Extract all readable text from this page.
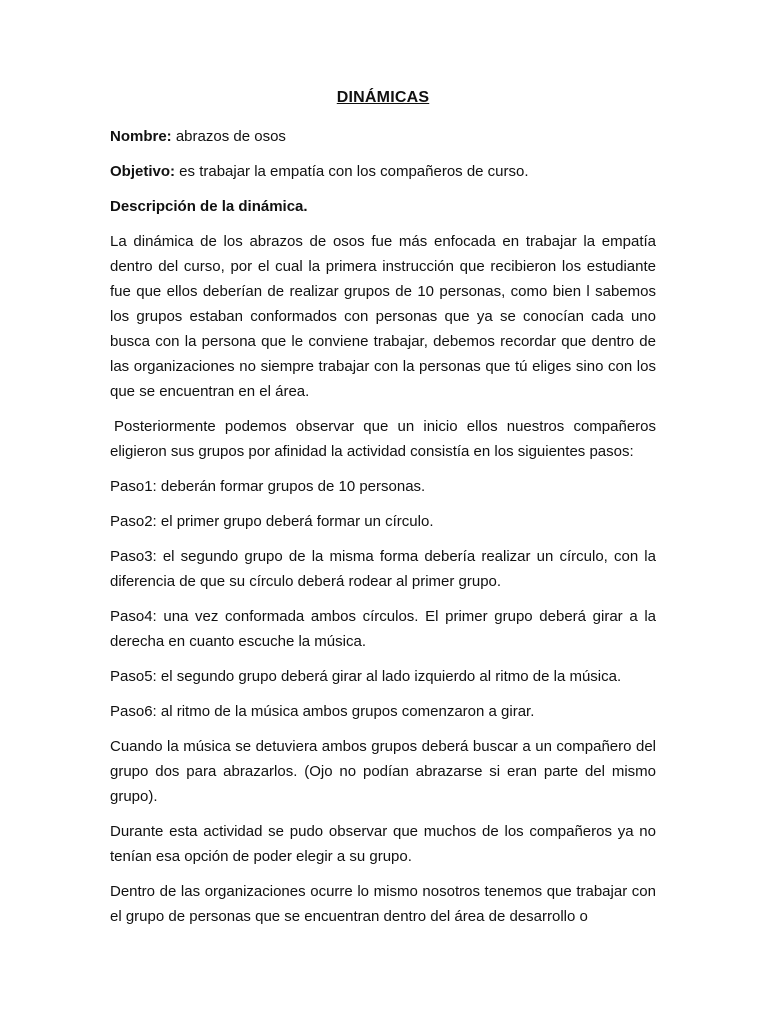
DINÁMICAS
Nombre: abrazos de osos
Objetivo: es trabajar la empatía con los compañeros de curso.
Descripción de la dinámica.
La dinámica de los abrazos de osos fue más enfocada en trabajar la empatía dentro del curso, por el cual la primera instrucción que recibieron los estudiante fue que ellos deberían de realizar grupos de 10 personas, como bien l sabemos los grupos estaban conformados con personas que ya se conocían cada uno busca con la persona que le conviene trabajar, debemos recordar que dentro de las organizaciones no siempre trabajar con la personas que tú eliges sino con los que se encuentran en el área.
Posteriormente podemos observar que un inicio ellos nuestros compañeros eligieron sus grupos por afinidad la actividad consistía en los siguientes pasos:
Paso1: deberán formar grupos de 10 personas.
Paso2: el primer grupo deberá formar un círculo.
Paso3: el segundo grupo de la misma forma debería realizar un círculo, con la diferencia de que su círculo deberá rodear al primer grupo.
Paso4: una vez conformada ambos círculos. El primer grupo deberá girar a la derecha en cuanto escuche la música.
Paso5: el segundo grupo deberá girar al lado izquierdo al ritmo de la música.
Paso6: al ritmo de la música ambos grupos comenzaron a girar.
Cuando la música se detuviera ambos grupos deberá buscar a un compañero del grupo dos para abrazarlos. (Ojo no podían abrazarse si eran parte del mismo grupo).
Durante esta actividad se pudo observar que muchos de los compañeros ya no tenían esa opción de poder elegir a su grupo.
Dentro de las organizaciones ocurre lo mismo nosotros tenemos que trabajar con el grupo de personas que se encuentran dentro del área de desarrollo o
